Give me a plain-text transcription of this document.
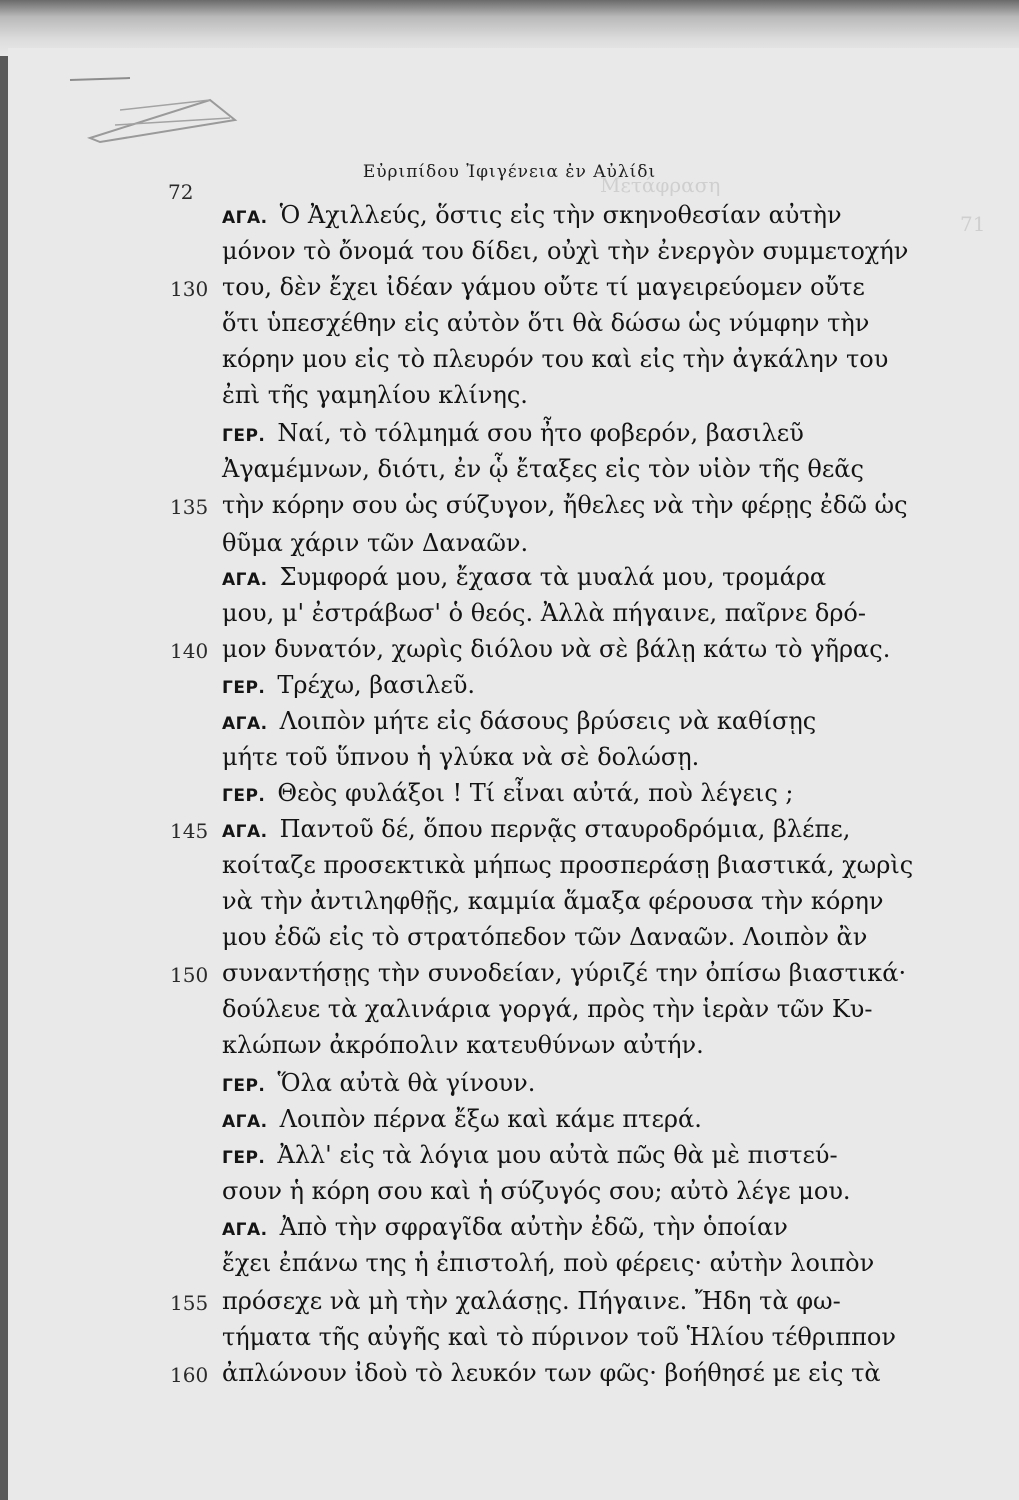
Εὐριπίδου Ἰφιγένεια ἐν Αὐλίδι
72	Μετάφραση
71
ΑΓΑ. Ὁ Ἀχιλλεύς, ὅστις εἰς τὴν σκηνοθεσίαν αὐτὴν
μόνον τὸ ὄνομά του δίδει, οὐχὶ τὴν ἐνεργὸν συμμετοχήν
του, δὲν ἔχει ἰδέαν γάμου οὔτε τί μαγειρεύομεν οὔτε
130
ὅτι ὑπεσχέθην εἰς αὐτὸν ὅτι θὰ δώσω ὡς νύμφην τὴν
κόρην μου εἰς τὸ πλευρόν του καὶ εἰς τὴν ἀγκάλην του
ἐπὶ τῆς γαμηλίου κλίνης.
ΓΕΡ. Ναί, τὸ τόλμημά σου ἦτο φοβερόν, βασιλεῦ
Ἀγαμέμνων, διότι, ἐν ᾧ ἔταξες εἰς τὸν υἱὸν τῆς θεᾶς
τὴν κόρην σου ὡς σύζυγον, ἤθελες νὰ τὴν φέρῃς ἐδῶ ὡς
135
θῦμα χάριν τῶν Δαναῶν.
ΑΓΑ. Συμφορά μου, ἔχασα τὰ μυαλά μου, τρομάρα
μου, μ' ἐστράβωσ' ὁ θεός. Ἀλλὰ πήγαινε, παῖρνε δρό-
μον δυνατόν, χωρὶς διόλου νὰ σὲ βάλῃ κάτω τὸ γῆρας.
140
ΓΕΡ. Τρέχω, βασιλεῦ.
ΑΓΑ. Λοιπὸν μήτε εἰς δάσους βρύσεις νὰ καθίσῃς
μήτε τοῦ ὕπνου ἡ γλύκα νὰ σὲ δολώσῃ.
ΓΕΡ. Θεὸς φυλάξοι ! Τί εἶναι αὐτά, ποὺ λέγεις ;
ΑΓΑ. Παντοῦ δέ, ὅπου περνᾷς σταυροδρόμια, βλέπε,
145
κοίταζε προσεκτικὰ μήπως προσπεράσῃ βιαστικά, χωρὶς
νὰ τὴν ἀντιληφθῇς, καμμία ἅμαξα φέρουσα τὴν κόρην
μου ἐδῶ εἰς τὸ στρατόπεδον τῶν Δαναῶν. Λοιπὸν ἂν
συναντήσῃς τὴν συνοδείαν, γύριζέ την ὀπίσω βιαστικά·
150
δούλευε τὰ χαλινάρια γοργά, πρὸς τὴν ἱερὰν τῶν Κυ-
κλώπων ἀκρόπολιν κατευθύνων αὐτήν.
ΓΕΡ. Ὅλα αὐτὰ θὰ γίνουν.
ΑΓΑ. Λοιπὸν πέρνα ἔξω καὶ κάμε πτερά.
ΓΕΡ. Ἀλλ' εἰς τὰ λόγια μου αὐτὰ πῶς θὰ μὲ πιστεύ-
σουν ἡ κόρη σου καὶ ἡ σύζυγός σου; αὐτὸ λέγε μου.
ΑΓΑ. Ἀπὸ τὴν σφραγῖδα αὐτὴν ἐδῶ, τὴν ὁποίαν
ἔχει ἐπάνω της ἡ ἐπιστολή, ποὺ φέρεις· αὐτὴν λοιπὸν
πρόσεχε νὰ μὴ τὴν χαλάσῃς. Πήγαινε. Ἤδη τὰ φω-
155
τήματα τῆς αὐγῆς καὶ τὸ πύρινον τοῦ Ἡλίου τέθριππον
ἀπλώνουν ἰδοὺ τὸ λευκόν των φῶς· βοήθησέ με εἰς τὰ
160
